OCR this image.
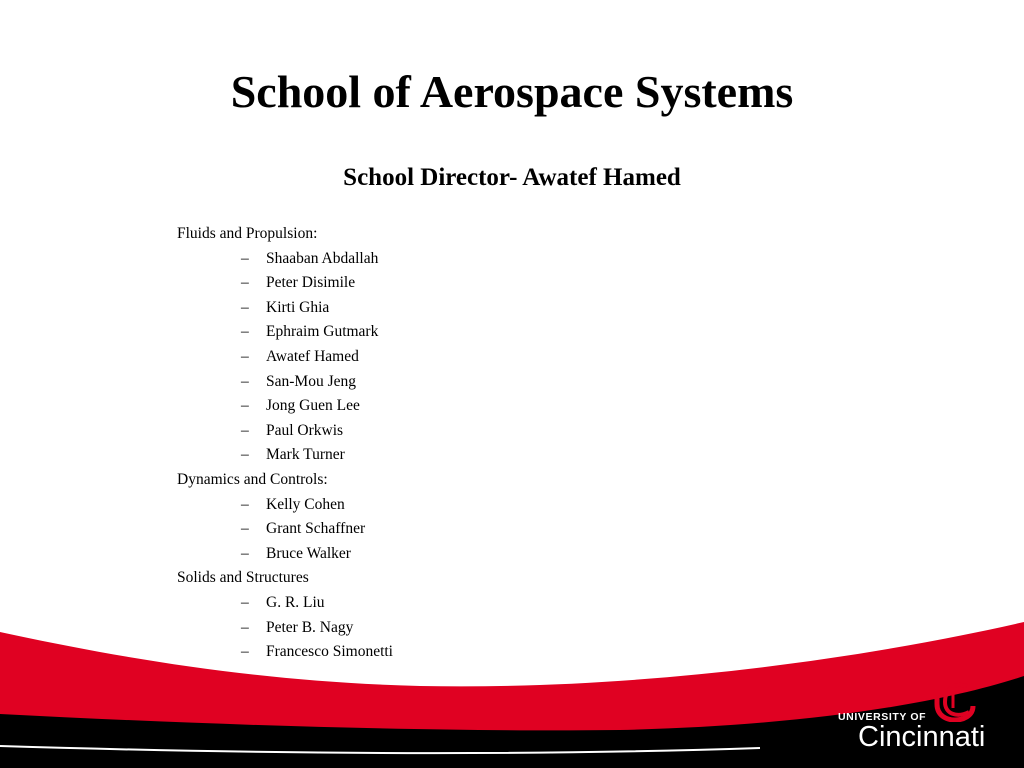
School of Aerospace Systems
School Director- Awatef Hamed
Fluids and Propulsion:
– Shaaban Abdallah
– Peter Disimile
– Kirti Ghia
– Ephraim Gutmark
– Awatef Hamed
– San-Mou Jeng
– Jong Guen Lee
– Paul Orkwis
– Mark Turner
Dynamics and Controls:
– Kelly Cohen
– Grant Schaffner
– Bruce Walker
Solids and Structures
– G. R. Liu
– Peter B. Nagy
– Francesco Simonetti
UNIVERSITY OF
Cincinnati
